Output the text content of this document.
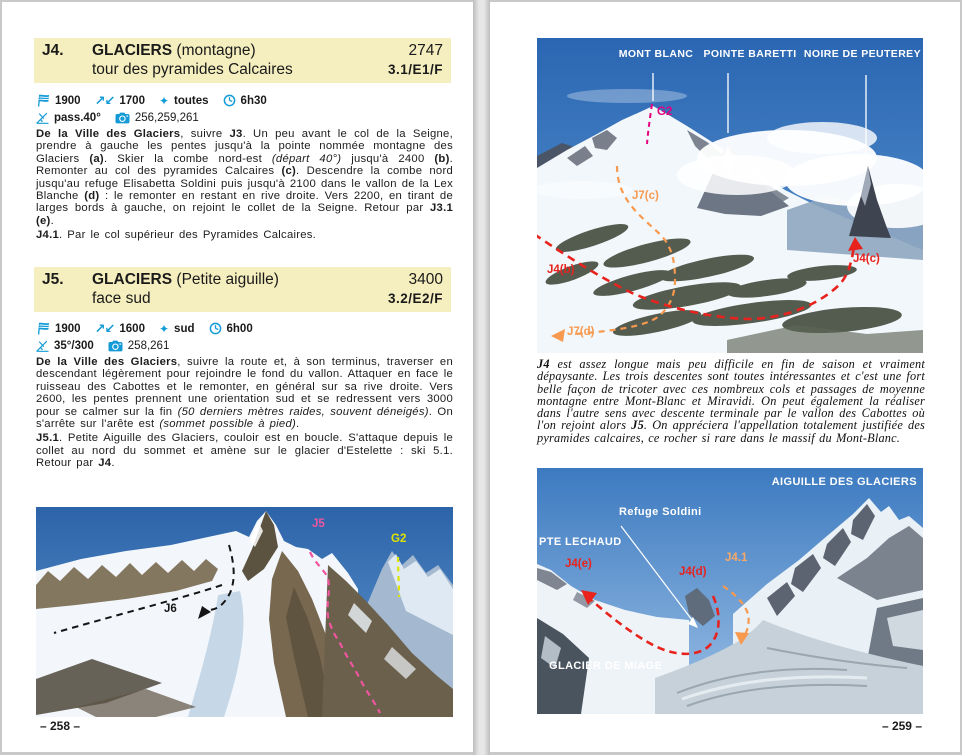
J4.	GLACIERS (montagne)	2747
tour des pyramides Calcaires	3.1/E1/F
1900 ↗↙ 1700 ✦ toutes	6h30
pass.40°	256,259,261

De la Ville des Glaciers, suivre J3. Un peu avant le col de la Seigne, prendre à gauche les pentes jusqu'à la pointe nommée montagne des Glaciers (a). Skier la combe nord-est (départ 40°) jusqu'à 2400 (b). Remonter au col des pyramides Calcaires (c). Descendre la combe nord jusqu'au refuge Elisabetta Soldini puis jusqu'à 2100 dans le vallon de la Lex Blanche (d) : le remonter en restant en rive droite. Vers 2200, en tirant de larges bords à gauche, on rejoint le collet de la Seigne. Retour par J3.1 (e).

J4.1. Par le col supérieur des Pyramides Calcaires.

J5.	GLACIERS (Petite aiguille)	3400
face sud	3.2/E2/F
1900 ↗↙ 1600 ✦ sud	6h00
35°/300	258,261

De la Ville des Glaciers, suivre la route et, à son terminus, traverser en descendant légèrement pour rejoindre le fond du vallon. Attaquer en face le ruisseau des Cabottes et le remonter, en général sur sa rive droite. Vers 2600, les pentes prennent une orientation sud et se redressent vers 3000 pour se calmer sur la fin (50 derniers mètres raides, souvent déneigés). On s'arrête sur l'arête est (sommet possible à pied).

J5.1. Petite Aiguille des Glaciers, couloir est en boucle. S'attaque depuis le collet au nord du sommet et amène sur le glacier d'Estelette : ski 5.1. Retour par J4.

J5
G2
J6
– 258 –
MONT BLANC POINTE BARETTI NOIRE DE PEUTEREY
G2
J7(c)
J4(b)
J4(c)
J7(d)
J4 est assez longue mais peu difficile en fin de saison et vraiment dépaysante. Les trois descentes sont toutes intéressantes et c'est une fort belle façon de tricoter avec ces nombreux cols et passages de moyenne montagne entre Mont-Blanc et Miravidi. On peut également la réaliser dans l'autre sens avec descente terminale par le vallon des Cabottes où l'on rejoint alors J5. On appréciera l'appellation totalement justifiée des pyramides calcaires, ce rocher si rare dans le massif du Mont-Blanc.
AIGUILLE DES GLACIERS
Refuge Soldini
PTE LECHAUD
J4(e)
J4(d)
J4.1
GLACIER DE MIAGE
– 259 –
